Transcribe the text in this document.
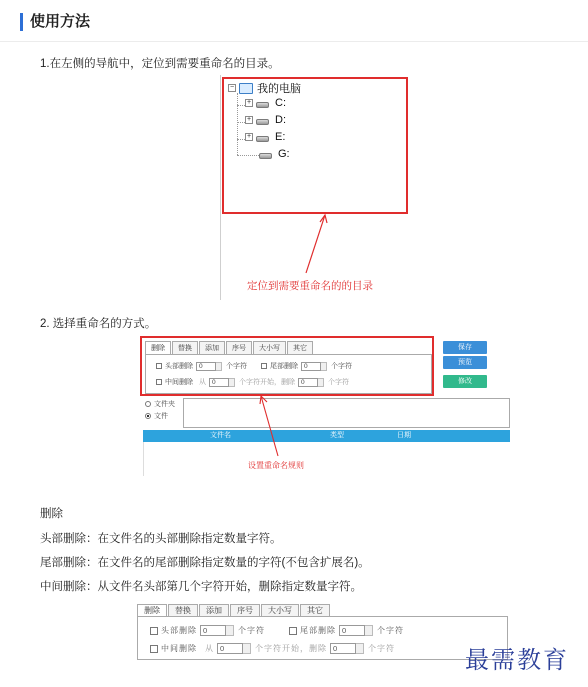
使用方法
1.在左侧的导航中，定位到需要重命名的目录。
− 我的电脑
+ C:
+ D:
+ E:
G:
定位到需要重命名的的目录
2. 选择重命名的方式。
删除	替换	添加	序号	大小写	其它
头部删除 0	个字符	尾部删除 0	个字符
中间删除 从 0	个字符开始，删除 0	个字符
保存
预览
修改
文件夹
文件
文件名	类型	日期
设置重命名规则
删除
头部删除：在文件名的头部删除指定数量字符。
尾部删除：在文件名的尾部删除指定数量的字符(不包含扩展名)。
中间删除：从文件名头部第几个字符开始，删除指定数量字符。
删除	替换	添加	序号	大小写	其它
头部删除 0	个字符	尾部删除 0	个字符
中间删除 从 0	个字符开始，删除 0	个字符	最需教育
